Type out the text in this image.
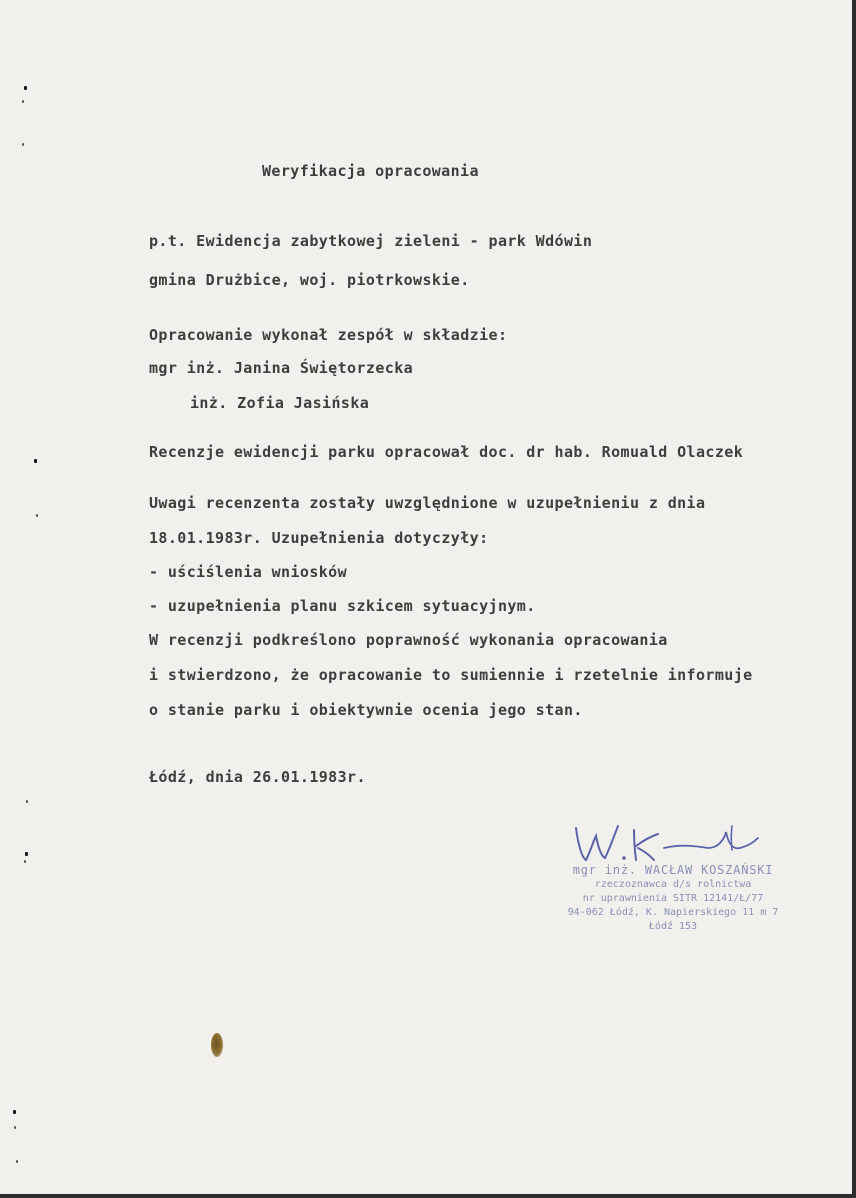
Weryfikacja opracowania
p.t. Ewidencja zabytkowej zieleni - park Wdówin
gmina Drużbice, woj. piotrkowskie.
Opracowanie wykonał zespół w składzie:
mgr inż. Janina Świętorzecka
inż. Zofia Jasińska
Recenzje ewidencji parku opracował doc. dr hab. Romuald Olaczek
Uwagi recenzenta zostały uwzględnione w uzupełnieniu z dnia
18.01.1983r. Uzupełnienia dotyczyły:
- uściślenia wniosków
- uzupełnienia planu szkicem sytuacyjnym.
W recenzji podkreślono poprawność wykonania opracowania
i stwierdzono, że opracowanie to sumiennie i rzetelnie informuje
o stanie parku i obiektywnie ocenia jego stan.
Łódź, dnia 26.01.1983r.
mgr inż. WACŁAW KOSZAŃSKI
rzeczoznawca d/s rolnictwa
nr uprawnienia SITR 12141/Ł/77
94-062 Łódź, K. Napierskiego 11 m 7
Łódź 153
